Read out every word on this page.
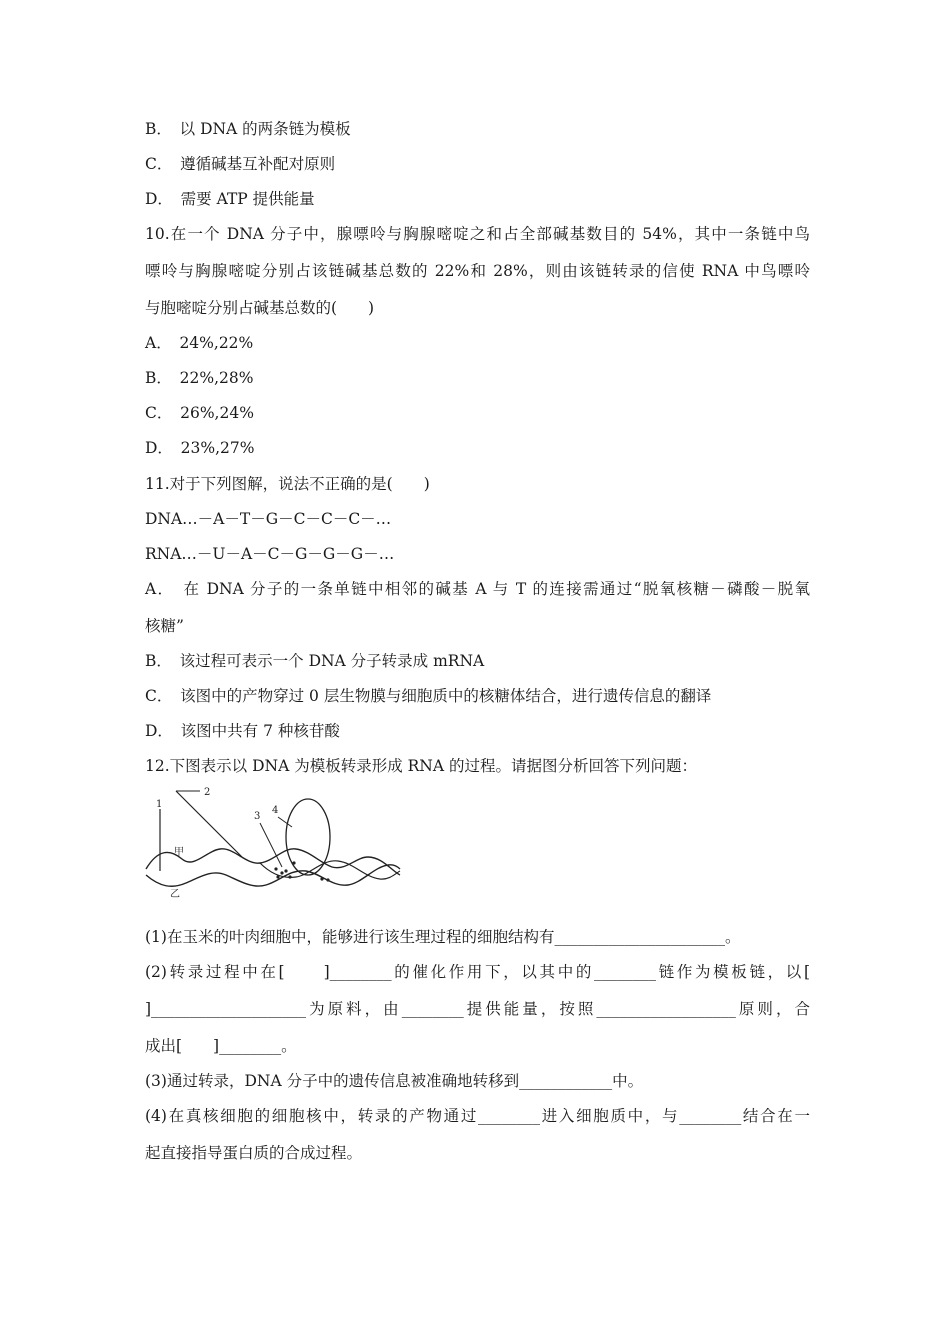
B．　以 DNA 的两条链为模板
C．　遵循碱基互补配对原则
D．　需要 ATP 提供能量
10.在一个 DNA 分子中，腺嘌呤与胸腺嘧啶之和占全部碱基数目的 54%，其中一条链中鸟
嘌呤与胸腺嘧啶分别占该链碱基总数的 22%和 28%，则由该链转录的信使 RNA 中鸟嘌呤
与胞嘧啶分别占碱基总数的(　　)
A．　24%,22%
B．　22%,28%
C．　26%,24%
D．　23%,27%
11.对于下列图解，说法不正确的是(　　)
DNA…－A－T－G－C－C－C－…
RNA…－U－A－C－G－G－G－…
A．　在 DNA 分子的一条单链中相邻的碱基 A 与 T 的连接需通过“脱氧核糖－磷酸－脱氧
核糖”
B．　该过程可表示一个 DNA 分子转录成 mRNA
C．　该图中的产物穿过 0 层生物膜与细胞质中的核糖体结合，进行遗传信息的翻译
D．　该图中共有 7 种核苷酸
12.下图表示以 DNA 为模板转录形成 RNA 的过程。请据图分析回答下列问题：
1
2
3
4
甲
乙
(1)在玉米的叶肉细胞中，能够进行该生理过程的细胞结构有______________________。
(2)转录过程中在[　　]________的催化作用下，以其中的________链作为模板链，以[
]____________________为原料，由________提供能量，按照__________________原则，合
成出[　　]________。
(3)通过转录，DNA 分子中的遗传信息被准确地转移到____________中。
(4)在真核细胞的细胞核中，转录的产物通过________进入细胞质中，与________结合在一
起直接指导蛋白质的合成过程。
